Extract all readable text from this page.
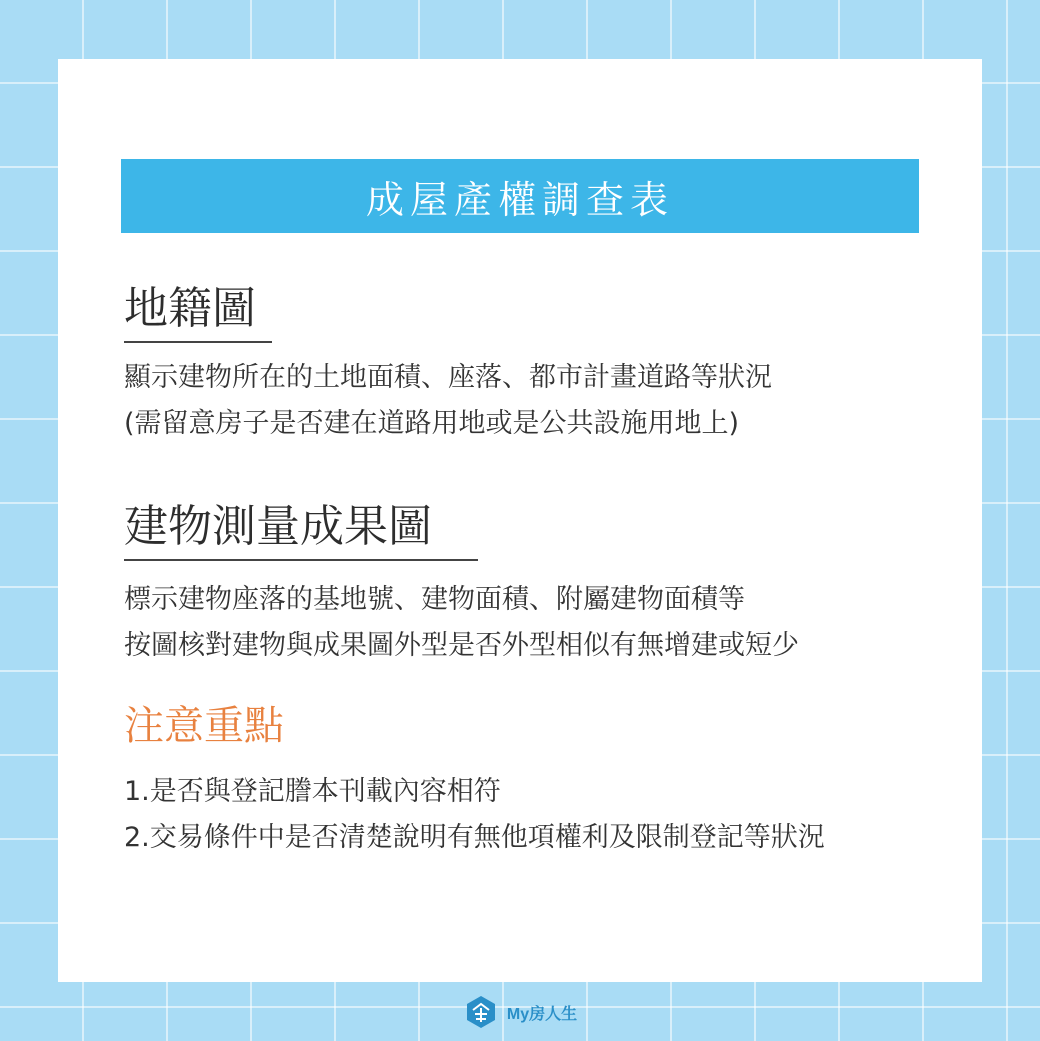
成屋產權調查表
地籍圖
顯示建物所在的土地面積、座落、都市計畫道路等狀況
(需留意房子是否建在道路用地或是公共設施用地上)
建物測量成果圖
標示建物座落的基地號、建物面積、附屬建物面積等
按圖核對建物與成果圖外型是否外型相似有無增建或短少
注意重點
1.是否與登記謄本刊載內容相符
2.交易條件中是否清楚說明有無他項權利及限制登記等狀況
My房人生
